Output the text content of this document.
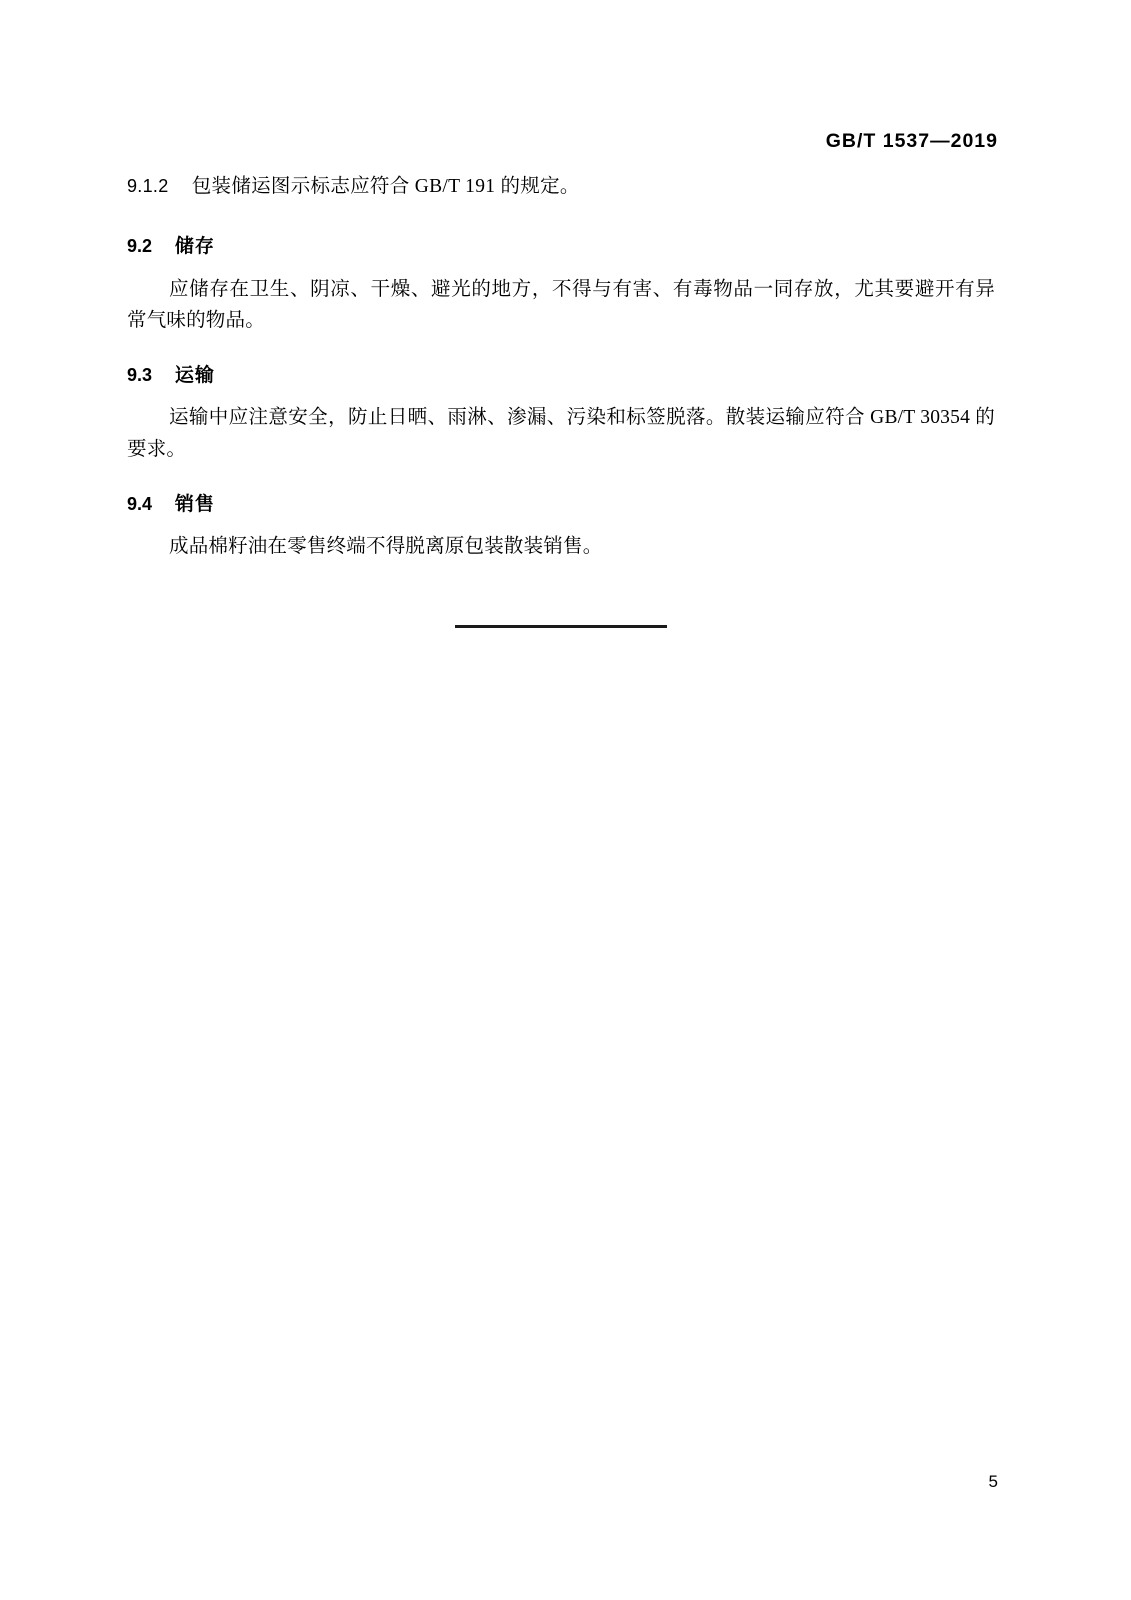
GB/T 1537—2019

9.1.2 包装储运图示标志应符合 GB/T 191 的规定。

9.2 储存

应储存在卫生、阴凉、干燥、避光的地方，不得与有害、有毒物品一同存放，尤其要避开有异常气味的物品。

9.3 运输

运输中应注意安全，防止日晒、雨淋、渗漏、污染和标签脱落。散装运输应符合 GB/T 30354 的要求。

9.4 销售

成品棉籽油在零售终端不得脱离原包装散装销售。

5
